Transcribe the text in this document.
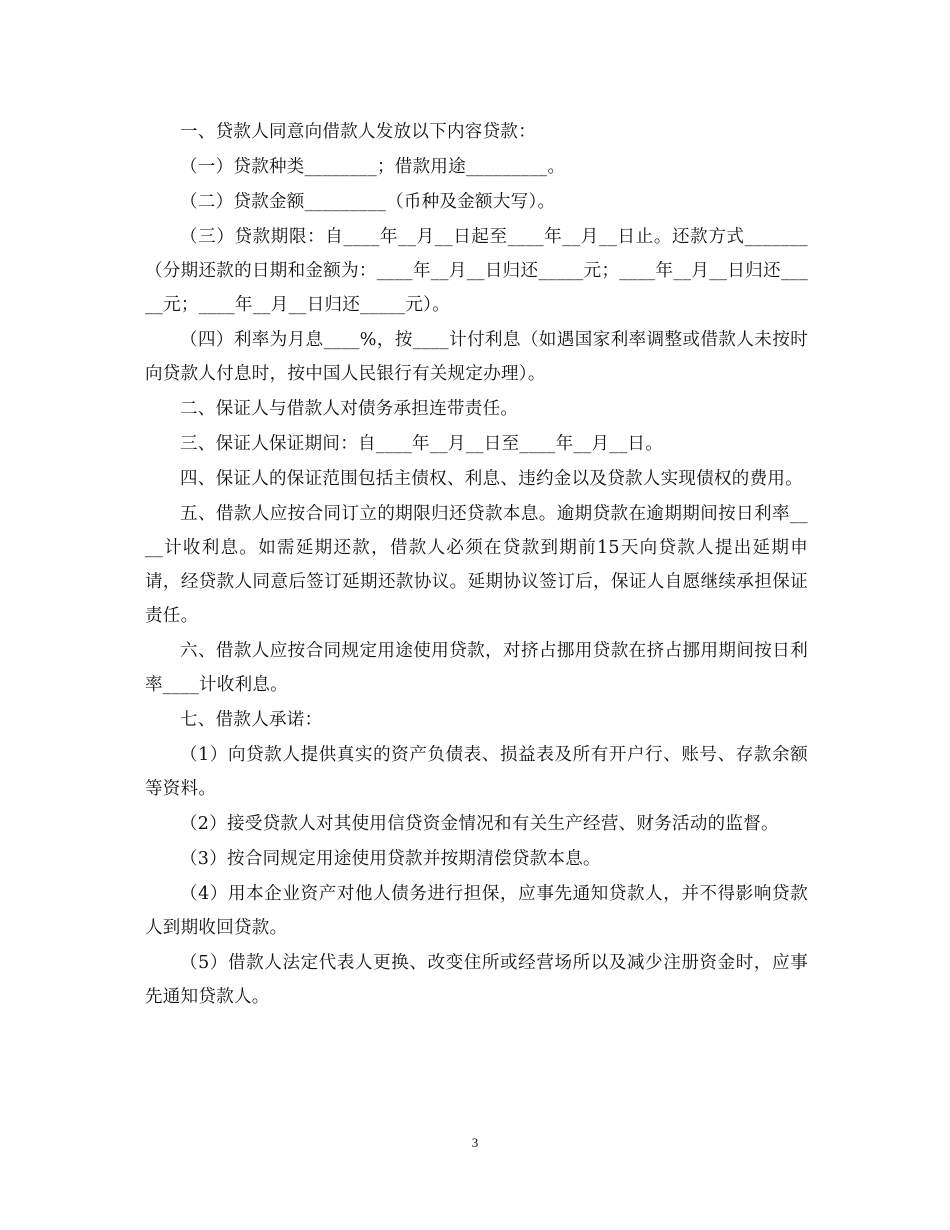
一、贷款人同意向借款人发放以下内容贷款：

（一）贷款种类________；借款用途_________。

（二）贷款金额_________（币种及金额大写）。

（三）贷款期限：自____年__月__日起至____年__月__日止。还款方式_______（分期还款的日期和金额为：____年__月__日归还_____元；____年__月__日归还_____元；____年__月__日归还_____元）。

（四）利率为月息____%，按____计付利息（如遇国家利率调整或借款人未按时向贷款人付息时，按中国人民银行有关规定办理）。

二、保证人与借款人对债务承担连带责任。

三、保证人保证期间：自____年__月__日至____年__月__日。

四、保证人的保证范围包括主债权、利息、违约金以及贷款人实现债权的费用。

五、借款人应按合同订立的期限归还贷款本息。逾期贷款在逾期期间按日利率____计收利息。如需延期还款，借款人必须在贷款到期前15天向贷款人提出延期申请，经贷款人同意后签订延期还款协议。延期协议签订后，保证人自愿继续承担保证责任。

六、借款人应按合同规定用途使用贷款，对挤占挪用贷款在挤占挪用期间按日利率____计收利息。

七、借款人承诺：

（1）向贷款人提供真实的资产负债表、损益表及所有开户行、账号、存款余额等资料。

（2）接受贷款人对其使用信贷资金情况和有关生产经营、财务活动的监督。

（3）按合同规定用途使用贷款并按期清偿贷款本息。

（4）用本企业资产对他人债务进行担保，应事先通知贷款人，并不得影响贷款人到期收回贷款。

（5）借款人法定代表人更换、改变住所或经营场所以及减少注册资金时，应事先通知贷款人。

3
